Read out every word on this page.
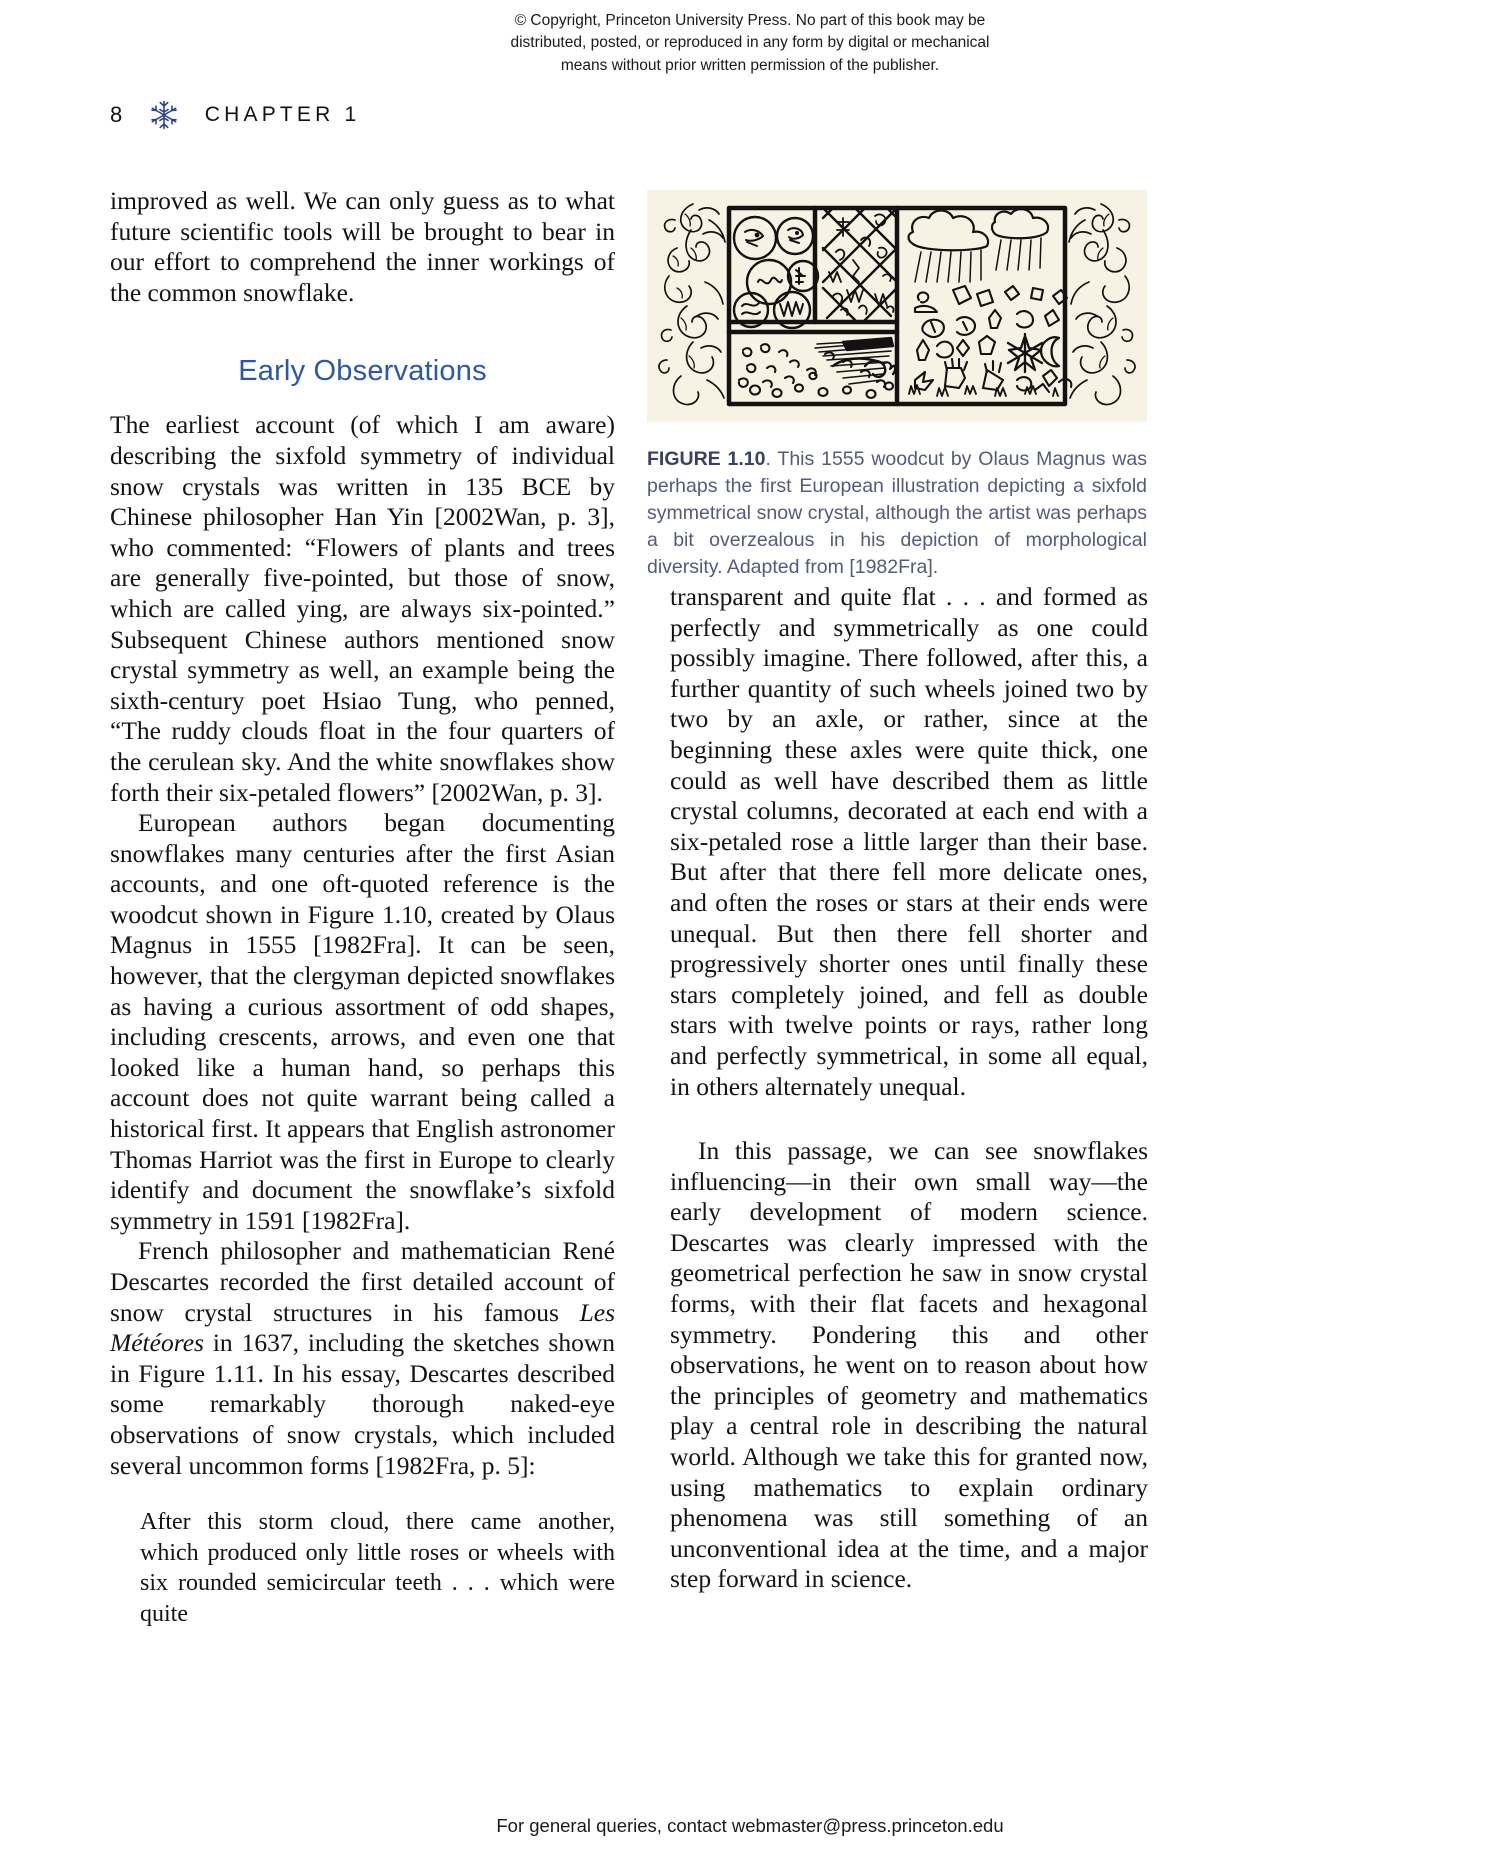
© Copyright, Princeton University Press. No part of this book may be
distributed, posted, or reproduced in any form by digital or mechanical
means without prior written permission of the publisher.
8	CHAPTER 1

improved as well. We can only guess as to what future scientific tools will be brought to bear in our effort to comprehend the inner workings of the common snowflake.

Early Observations

The earliest account (of which I am aware) describing the sixfold symmetry of individual snow crystals was written in 135 BCE by Chinese philosopher Han Yin [2002Wan, p. 3], who commented: “Flowers of plants and trees are generally five-pointed, but those of snow, which are called ying, are always six-pointed.” Subsequent Chinese authors mentioned snow crystal symmetry as well, an example being the sixth-century poet Hsiao Tung, who penned, “The ruddy clouds float in the four quarters of the cerulean sky. And the white snowflakes show forth their six-petaled flowers” [2002Wan, p. 3].

European authors began documenting snowflakes many centuries after the first Asian accounts, and one oft-quoted reference is the woodcut shown in Figure 1.10, created by Olaus Magnus in 1555 [1982Fra]. It can be seen, however, that the clergyman depicted snowflakes as having a curious assortment of odd shapes, including crescents, arrows, and even one that looked like a human hand, so perhaps this account does not quite warrant being called a historical first. It appears that English astronomer Thomas Harriot was the first in Europe to clearly identify and document the snowflake’s sixfold symmetry in 1591 [1982Fra].

French philosopher and mathematician René Descartes recorded the first detailed account of snow crystal structures in his famous Les Météores in 1637, including the sketches shown in Figure 1.11. In his essay, Descartes described some remarkably thorough naked-eye observations of snow crystals, which included several uncommon forms [1982Fra, p. 5]:

After this storm cloud, there came another, which produced only little roses or wheels with six rounded semicircular teeth . . . which were quite
FIGURE 1.10. This 1555 woodcut by Olaus Magnus was perhaps the first European illustration depicting a sixfold symmetrical snow crystal, although the artist was perhaps a bit overzealous in his depiction of morphological diversity. Adapted from [1982Fra].

transparent and quite flat . . . and formed as perfectly and symmetrically as one could possibly imagine. There followed, after this, a further quantity of such wheels joined two by two by an axle, or rather, since at the beginning these axles were quite thick, one could as well have described them as little crystal columns, decorated at each end with a six-petaled rose a little larger than their base. But after that there fell more delicate ones, and often the roses or stars at their ends were unequal. But then there fell shorter and progressively shorter ones until finally these stars completely joined, and fell as double stars with twelve points or rays, rather long and perfectly symmetrical, in some all equal, in others alternately unequal.

In this passage, we can see snowflakes influencing—in their own small way—the early development of modern science. Descartes was clearly impressed with the geometrical perfection he saw in snow crystal forms, with their flat facets and hexagonal symmetry. Pondering this and other observations, he went on to reason about how the principles of geometry and mathematics play a central role in describing the natural world. Although we take this for granted now, using mathematics to explain ordinary phenomena was still something of an unconventional idea at the time, and a major step forward in science.

For general queries, contact webmaster@press.princeton.edu
